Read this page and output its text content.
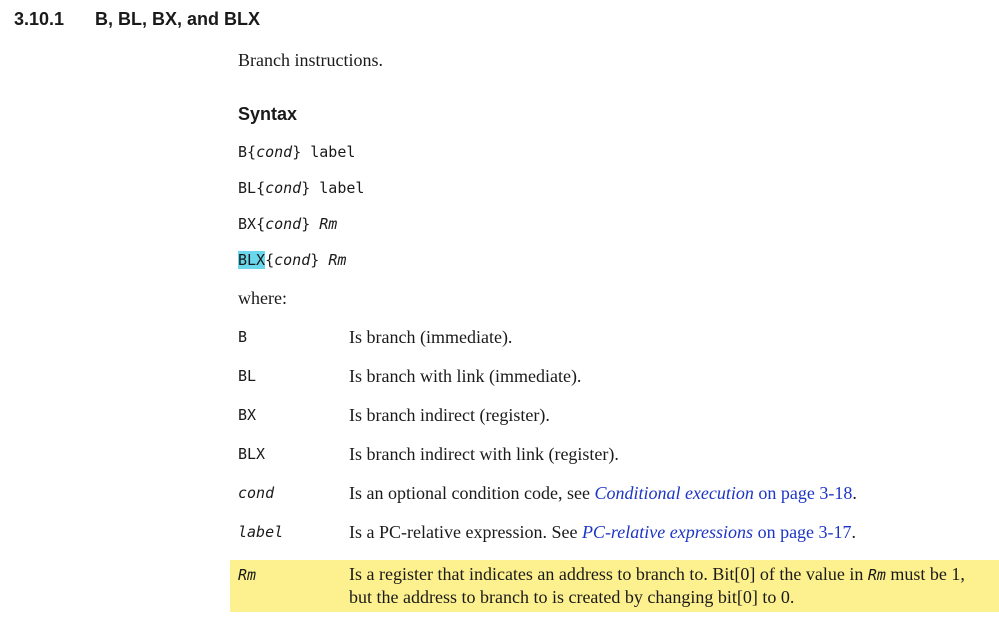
3.10.1 B, BL, BX, and BLX
Branch instructions.
Syntax
B{cond} label
BL{cond} label
BX{cond} Rm
BLX{cond} Rm
where:
B	Is branch (immediate).
BL	Is branch with link (immediate).
BX	Is branch indirect (register).
BLX	Is branch indirect with link (register).
cond	Is an optional condition code, see Conditional execution on page 3-18.
label	Is a PC-relative expression. See PC-relative expressions on page 3-17.
Rm	Is a register that indicates an address to branch to. Bit[0] of the value in Rm must be 1, but the address to branch to is created by changing bit[0] to 0.
